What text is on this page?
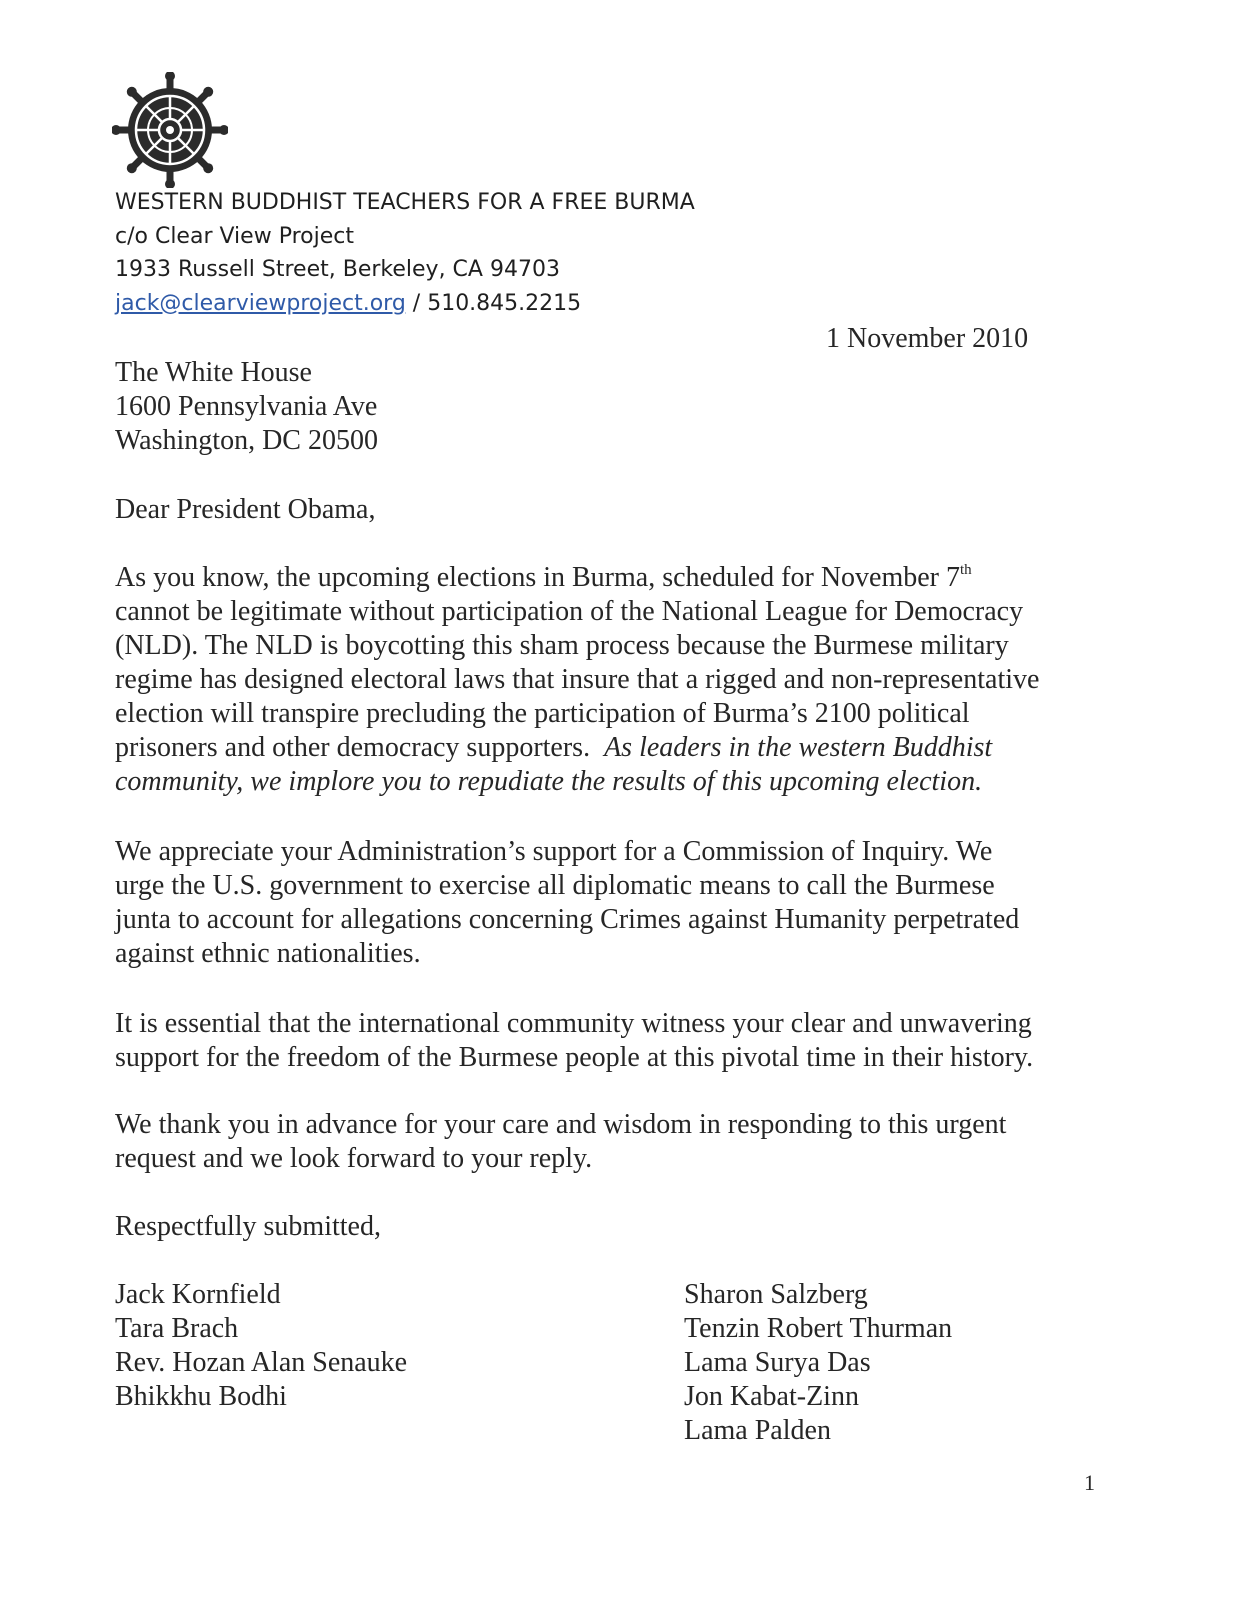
WESTERN BUDDHIST TEACHERS FOR A FREE BURMA
c/o Clear View Project
1933 Russell Street, Berkeley, CA 94703
jack@clearviewproject.org / 510.845.2215
1 November 2010
The White House
1600 Pennsylvania Ave
Washington, DC 20500
Dear President Obama,
As you know, the upcoming elections in Burma, scheduled for November 7th
cannot be legitimate without participation of the National League for Democracy
(NLD). The NLD is boycotting this sham process because the Burmese military
regime has designed electoral laws that insure that a rigged and non-representative
election will transpire precluding the participation of Burma’s 2100 political
prisoners and other democracy supporters.  As leaders in the western Buddhist
community, we implore you to repudiate the results of this upcoming election.
We appreciate your Administration’s support for a Commission of Inquiry. We
urge the U.S. government to exercise all diplomatic means to call the Burmese
junta to account for allegations concerning Crimes against Humanity perpetrated
against ethnic nationalities.
It is essential that the international community witness your clear and unwavering
support for the freedom of the Burmese people at this pivotal time in their history.
We thank you in advance for your care and wisdom in responding to this urgent
request and we look forward to your reply.
Respectfully submitted,
Jack Kornfield
Tara Brach
Rev. Hozan Alan Senauke
Bhikkhu Bodhi
Sharon Salzberg
Tenzin Robert Thurman
Lama Surya Das
Jon Kabat-Zinn
Lama Palden
1
